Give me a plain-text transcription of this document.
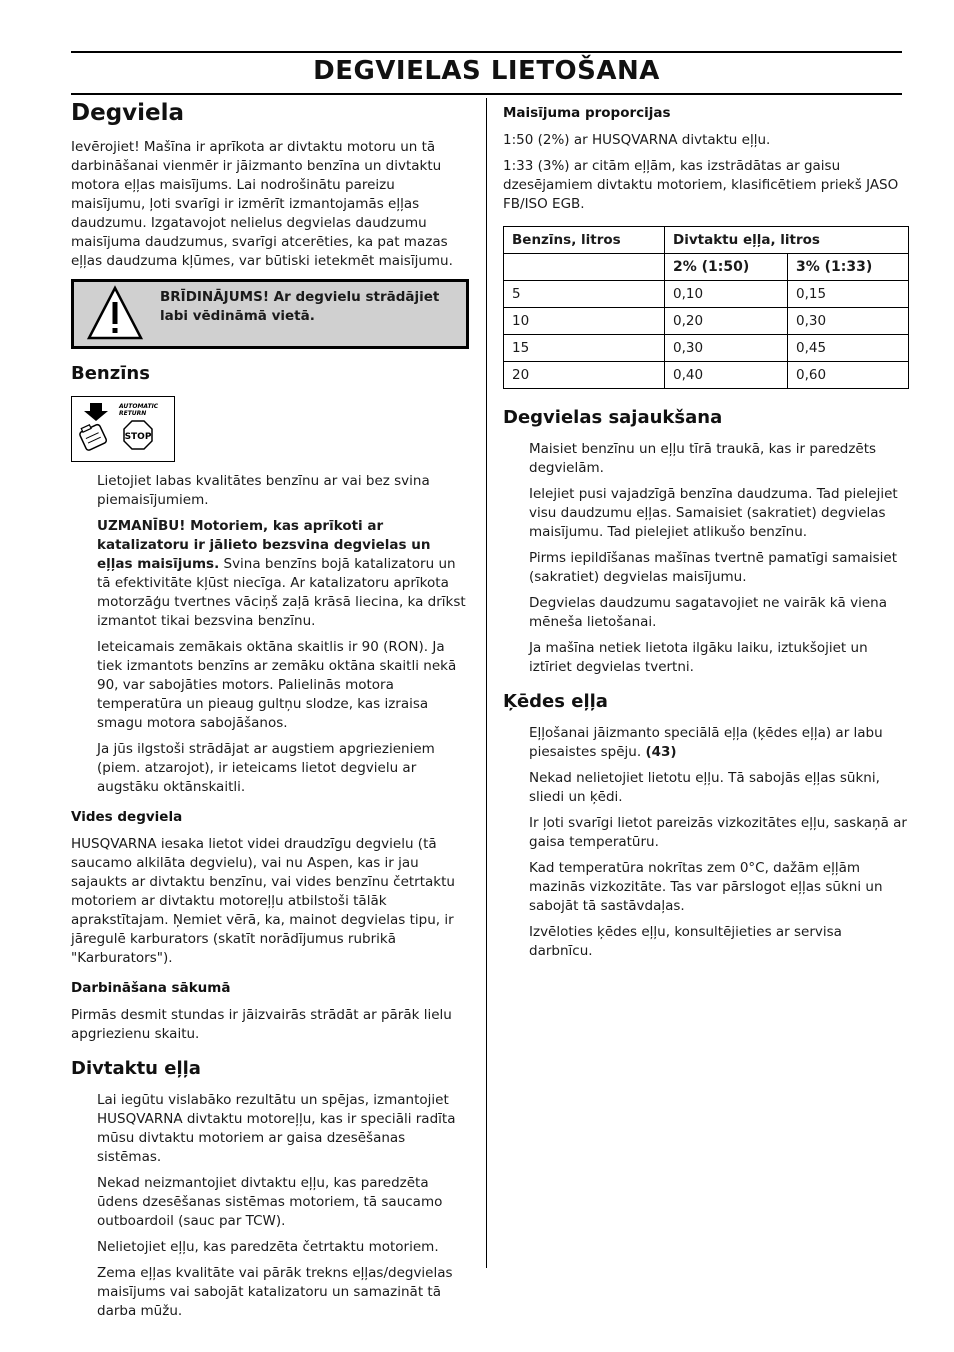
DEGVIELAS LIETOŠANA
Degviela

Ievērojiet! Mašīna ir aprīkota ar divtaktu motoru un tā darbināšanai vienmēr ir jāizmanto benzīna un divtaktu motora eļļas maisījums. Lai nodrošinātu pareizu maisījumu, ļoti svarīgi ir izmērīt izmantojamās eļļas daudzumu. Izgatavojot nelielus degvielas daudzumu maisījuma daudzumus, svarīgi atcerēties, ka pat mazas eļļas daudzuma kļūmes, var būtiski ietekmēt maisījumu.

BRĪDINĀJUMS! Ar degvielu strādājiet labi vēdināmā vietā.
Benzīns
AUTOMATIC
RETURN
STOP

Lietojiet labas kvalitātes benzīnu ar vai bez svina piemaisījumiem.

UZMANĪBU! Motoriem, kas aprīkoti ar katalizatoru ir jālieto bezsvina degvielas un eļļas maisījums. Svina benzīns bojā katalizatoru un tā efektivitāte kļūst niecīga. Ar katalizatoru aprīkota motorzāģu tvertnes vāciņš zaļā krāsā liecina, ka drīkst izmantot tikai bezsvina benzīnu.

Ieteicamais zemākais oktāna skaitlis ir 90 (RON). Ja tiek izmantots benzīns ar zemāku oktāna skaitli nekā 90, var sabojāties motors. Palielinās motora temperatūra un pieaug gultņu slodze, kas izraisa smagu motora sabojāšanos.

Ja jūs ilgstoši strādājat ar augstiem apgriezieniem (piem. atzarojot), ir ieteicams lietot degvielu ar augstāku oktānskaitli.

Vides degviela

HUSQVARNA iesaka lietot videi draudzīgu degvielu (tā saucamo alkilāta degvielu), vai nu Aspen, kas ir jau sajaukts ar divtaktu benzīnu, vai vides benzīnu četrtaktu motoriem ar divtaktu motoreļļu atbilstoši tālāk aprakstītajam. Ņemiet vērā, ka, mainot degvielas tipu, ir jāregulē karburators (skatīt norādījumus rubrikā "Karburators").

Darbināšana sākumā

Pirmās desmit stundas ir jāizvairās strādāt ar pārāk lielu apgriezienu skaitu.

Divtaktu eļļa

Lai iegūtu vislabāko rezultātu un spējas, izmantojiet HUSQVARNA divtaktu motoreļļu, kas ir speciāli radīta mūsu divtaktu motoriem ar gaisa dzesēšanas sistēmas.

Nekad neizmantojiet divtaktu eļļu, kas paredzēta ūdens dzesēšanas sistēmas motoriem, tā saucamo outboardoil (sauc par TCW).

Nelietojiet eļļu, kas paredzēta četrtaktu motoriem.

Zema eļļas kvalitāte vai pārāk trekns eļļas/degvielas maisījums vai sabojāt katalizatoru un samazināt tā darba mūžu.

Maisījuma proporcijas

1:50 (2%) ar HUSQVARNA divtaktu eļļu.

1:33 (3%) ar citām eļļām, kas izstrādātas ar gaisu dzesējamiem divtaktu motoriem, klasificētiem priekš JASO FB/ISO EGB.

Benzīns, litros	Divtaktu eļļa, litros	
	2% (1:50)	3% (1:33)
5	0,10	0,15
10	0,20	0,30
15	0,30	0,45
20	0,40	0,60
Degvielas sajaukšana

Maisiet benzīnu un eļļu tīrā traukā, kas ir paredzēts degvielām.

Ielejiet pusi vajadzīgā benzīna daudzuma. Tad pielejiet visu daudzumu eļļas. Samaisiet (sakratiet) degvielas maisījumu. Tad pielejiet atlikušo benzīnu.

Pirms iepildīšanas mašīnas tvertnē pamatīgi samaisiet (sakratiet) degvielas maisījumu.

Degvielas daudzumu sagatavojiet ne vairāk kā viena mēneša lietošanai.

Ja mašīna netiek lietota ilgāku laiku, iztukšojiet un iztīriet degvielas tvertni.

Ķēdes eļļa

Eļļošanai jāizmanto speciālā eļļa (ķēdes eļļa) ar labu piesaistes spēju. (43)

Nekad nelietojiet lietotu eļļu. Tā sabojās eļļas sūkni, sliedi un ķēdi.

Ir ļoti svarīgi lietot pareizās vizkozitātes eļļu, saskaņā ar gaisa temperatūru.

Kad temperatūra nokrītas zem 0°C, dažām eļļām mazinās vizkozitāte. Tas var pārslogot eļļas sūkni un sabojāt tā sastāvdaļas.

Izvēloties ķēdes eļļu, konsultējieties ar servisa darbnīcu.
